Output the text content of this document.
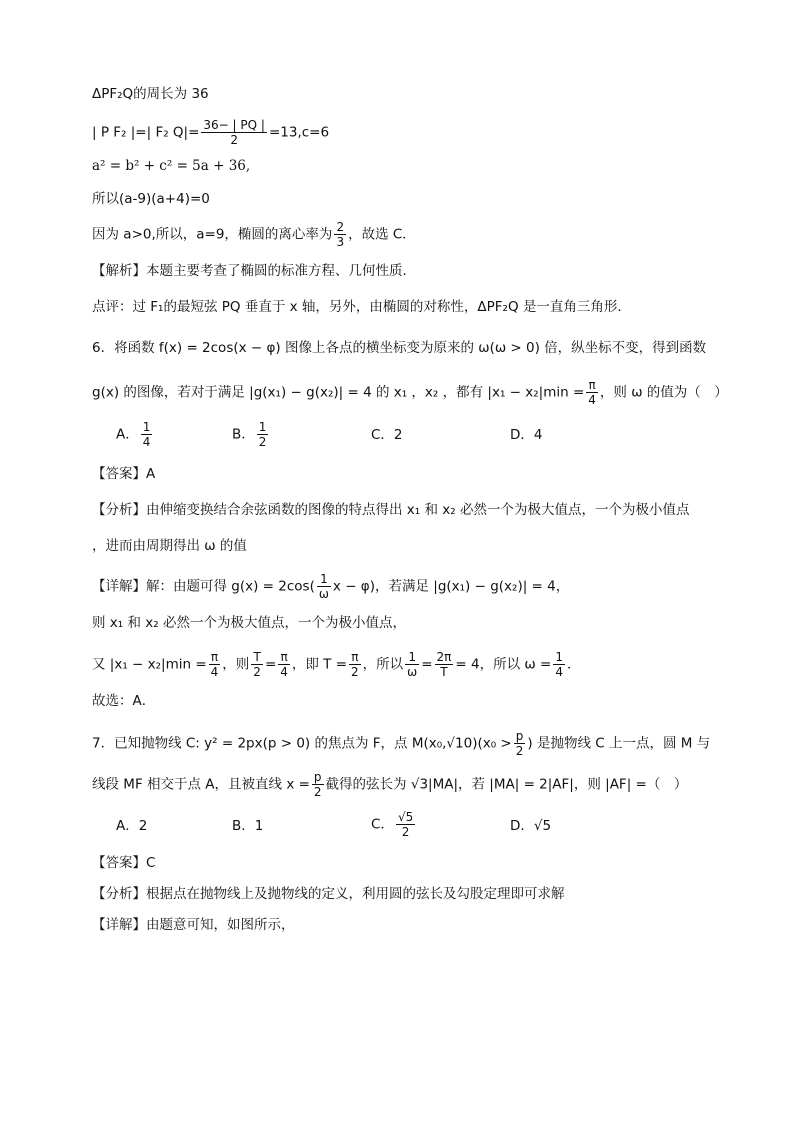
ΔPF₂Q的周长为 36
| P F₂ |=| F₂ $Q|= \frac{36- | PQ |}{2} =13,c=6$
a² = b² + c² = 5a + 36,
所以(a-9)(a+4)=0
因为 a>0,所以，a=9，椭圆的离心率为 $\frac{2}{3}$ ，故选 C．
【解析】本题主要考查了椭圆的标准方程、几何性质．
点评：过 F₁的最短弦 PQ 垂直于 x 轴，另外，由椭圆的对称性，ΔPF₂Q 是一直角三角形．
6．将函数 f(x) = 2cos(x − φ) 图像上各点的横坐标变为原来的 ω(ω > 0) 倍，纵坐标不变，得到函数
g(x) 的图像，若对于满足 |g(x₁) − g(x₂)| = 4 的 x₁ ，x₂ ，都有 $|x_1 - x_2|\min = \frac{\pi}{4}$ ，则 ω 的值为（　）
A． $\frac{1}{4}$	B． $\frac{1}{2}$	C．2	D．4
【答案】A
【分析】由伸缩变换结合余弦函数的图像的特点得出 x₁ 和 x₂ 必然一个为极大值点，一个为极小值点
，进而由周期得出 ω 的值
【详解】解：由题可得 $g(x) = 2\cos( \frac{1}{\omega}$ x − φ)，若满足 |g(x₁) − g(x₂)| = 4，
则 x₁ 和 x₂ 必然一个为极大值点，一个为极小值点，
又 $|x_1 - x_2|\min = \frac{\pi}{4}$ ，则 $\frac{T}{2} = \frac{\pi}{4}$ ，即 $T = \frac{\pi}{2}$ ，所以 $\frac{1}{\omega} = \frac{2\pi}{T} = 4$，所以 $\omega = \frac{1}{4}$ ．
故选：A．
7．已知抛物线 C: y² = 2px(p > 0) 的焦点为 F，点 $M(x_0,√10)(x_0 > \frac{p}{2}$ ) 是抛物线 C 上一点，圆 M 与
线段 MF 相交于点 A，且被直线 $x = \frac{p}{2}$ 截得的弦长为 √3|MA|，若 |MA| = 2|AF|，则 |AF| =（　）
A．2	B．1	C． $\frac{√5}{2}$	D．√5
【答案】C
【分析】根据点在抛物线上及抛物线的定义，利用圆的弦长及勾股定理即可求解
【详解】由题意可知，如图所示，
